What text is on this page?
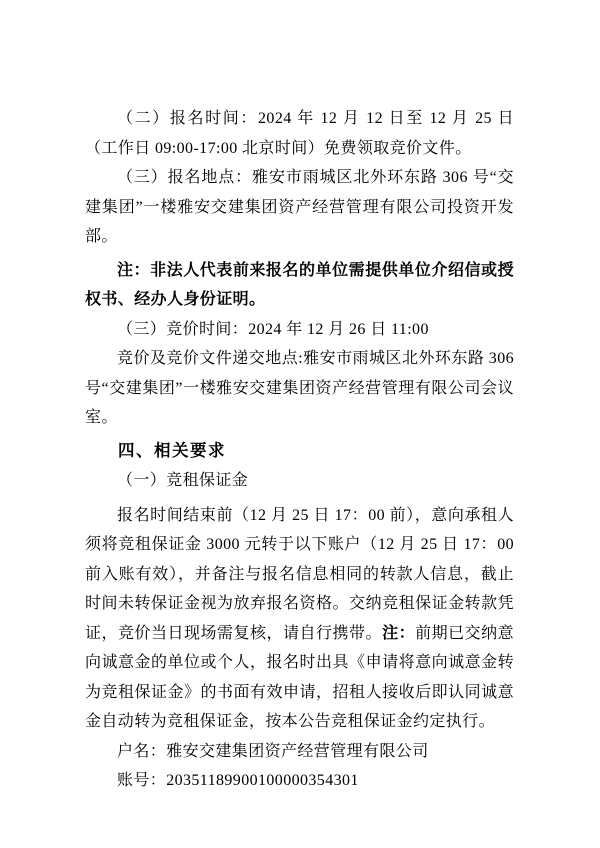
（二）报名时间：2024 年 12 月 12 日至 12 月 25 日（工作日 09:00-17:00 北京时间）免费领取竞价文件。

（三）报名地点：雅安市雨城区北外环东路 306 号“交建集团”一楼雅安交建集团资产经营管理有限公司投资开发部。

注：非法人代表前来报名的单位需提供单位介绍信或授权书、经办人身份证明。

（三）竞价时间：2024 年 12 月 26 日 11:00

竞价及竞价文件递交地点:雅安市雨城区北外环东路 306 号“交建集团”一楼雅安交建集团资产经营管理有限公司会议室。

四、相关要求

（一）竞租保证金

报名时间结束前（12 月 25 日 17：00 前），意向承租人须将竞租保证金 3000 元转于以下账户（12 月 25 日 17：00 前入账有效），并备注与报名信息相同的转款人信息，截止时间未转保证金视为放弃报名资格。交纳竞租保证金转款凭证，竞价当日现场需复核，请自行携带。注：前期已交纳意向诚意金的单位或个人，报名时出具《申请将意向诚意金转为竞租保证金》的书面有效申请，招租人接收后即认同诚意金自动转为竞租保证金，按本公告竞租保证金约定执行。

户名：雅安交建集团资产经营管理有限公司

账号：20351189900100000354301
